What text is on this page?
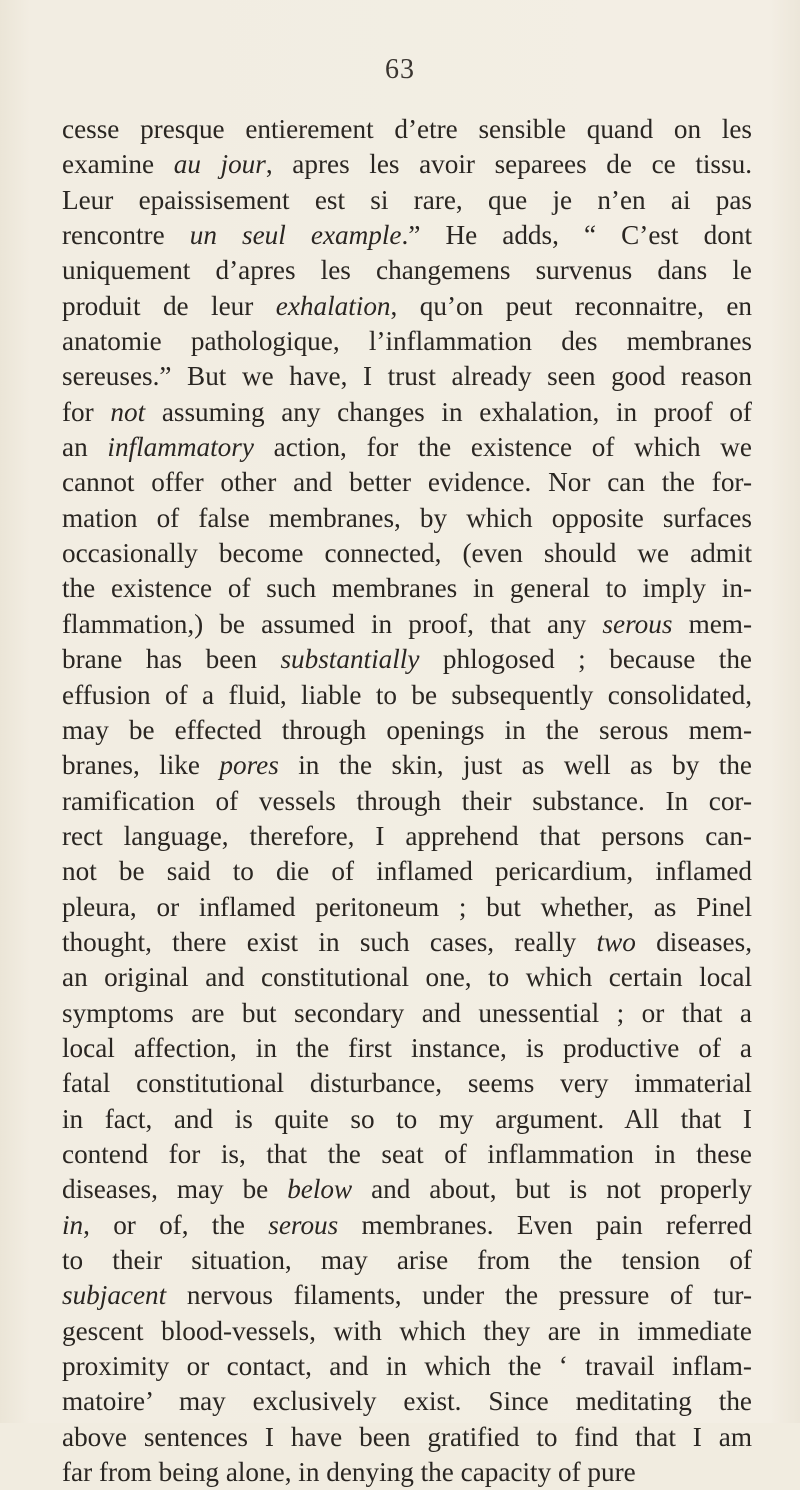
63
cesse presque entierement d’etre sensible quand on les
examine au jour, apres les avoir separees de ce tissu.
Leur epaissisement est si rare, que je n’en ai pas
rencontre un seul example.” He adds, “ C’est dont
uniquement d’apres les changemens survenus dans le
produit de leur exhalation, qu’on peut reconnaitre, en
anatomie pathologique, l’inflammation des membranes
sereuses.” But we have, I trust already seen good reason
for not assuming any changes in exhalation, in proof of
an inflammatory action, for the existence of which we
cannot offer other and better evidence. Nor can the for-
mation of false membranes, by which opposite surfaces
occasionally become connected, (even should we admit
the existence of such membranes in general to imply in-
flammation,) be assumed in proof, that any serous mem-
brane has been substantially phlogosed ; because the
effusion of a fluid, liable to be subsequently consolidated,
may be effected through openings in the serous mem-
branes, like pores in the skin, just as well as by the
ramification of vessels through their substance. In cor-
rect language, therefore, I apprehend that persons can-
not be said to die of inflamed pericardium, inflamed
pleura, or inflamed peritoneum ; but whether, as Pinel
thought, there exist in such cases, really two diseases,
an original and constitutional one, to which certain local
symptoms are but secondary and unessential ; or that a
local affection, in the first instance, is productive of a
fatal constitutional disturbance, seems very immaterial
in fact, and is quite so to my argument. All that I
contend for is, that the seat of inflammation in these
diseases, may be below and about, but is not properly
in, or of, the serous membranes. Even pain referred
to their situation, may arise from the tension of
subjacent nervous filaments, under the pressure of tur-
gescent blood-vessels, with which they are in immediate
proximity or contact, and in which the ‘ travail inflam-
matoire’ may exclusively exist. Since meditating the
above sentences I have been gratified to find that I am
far from being alone, in denying the capacity of pure
